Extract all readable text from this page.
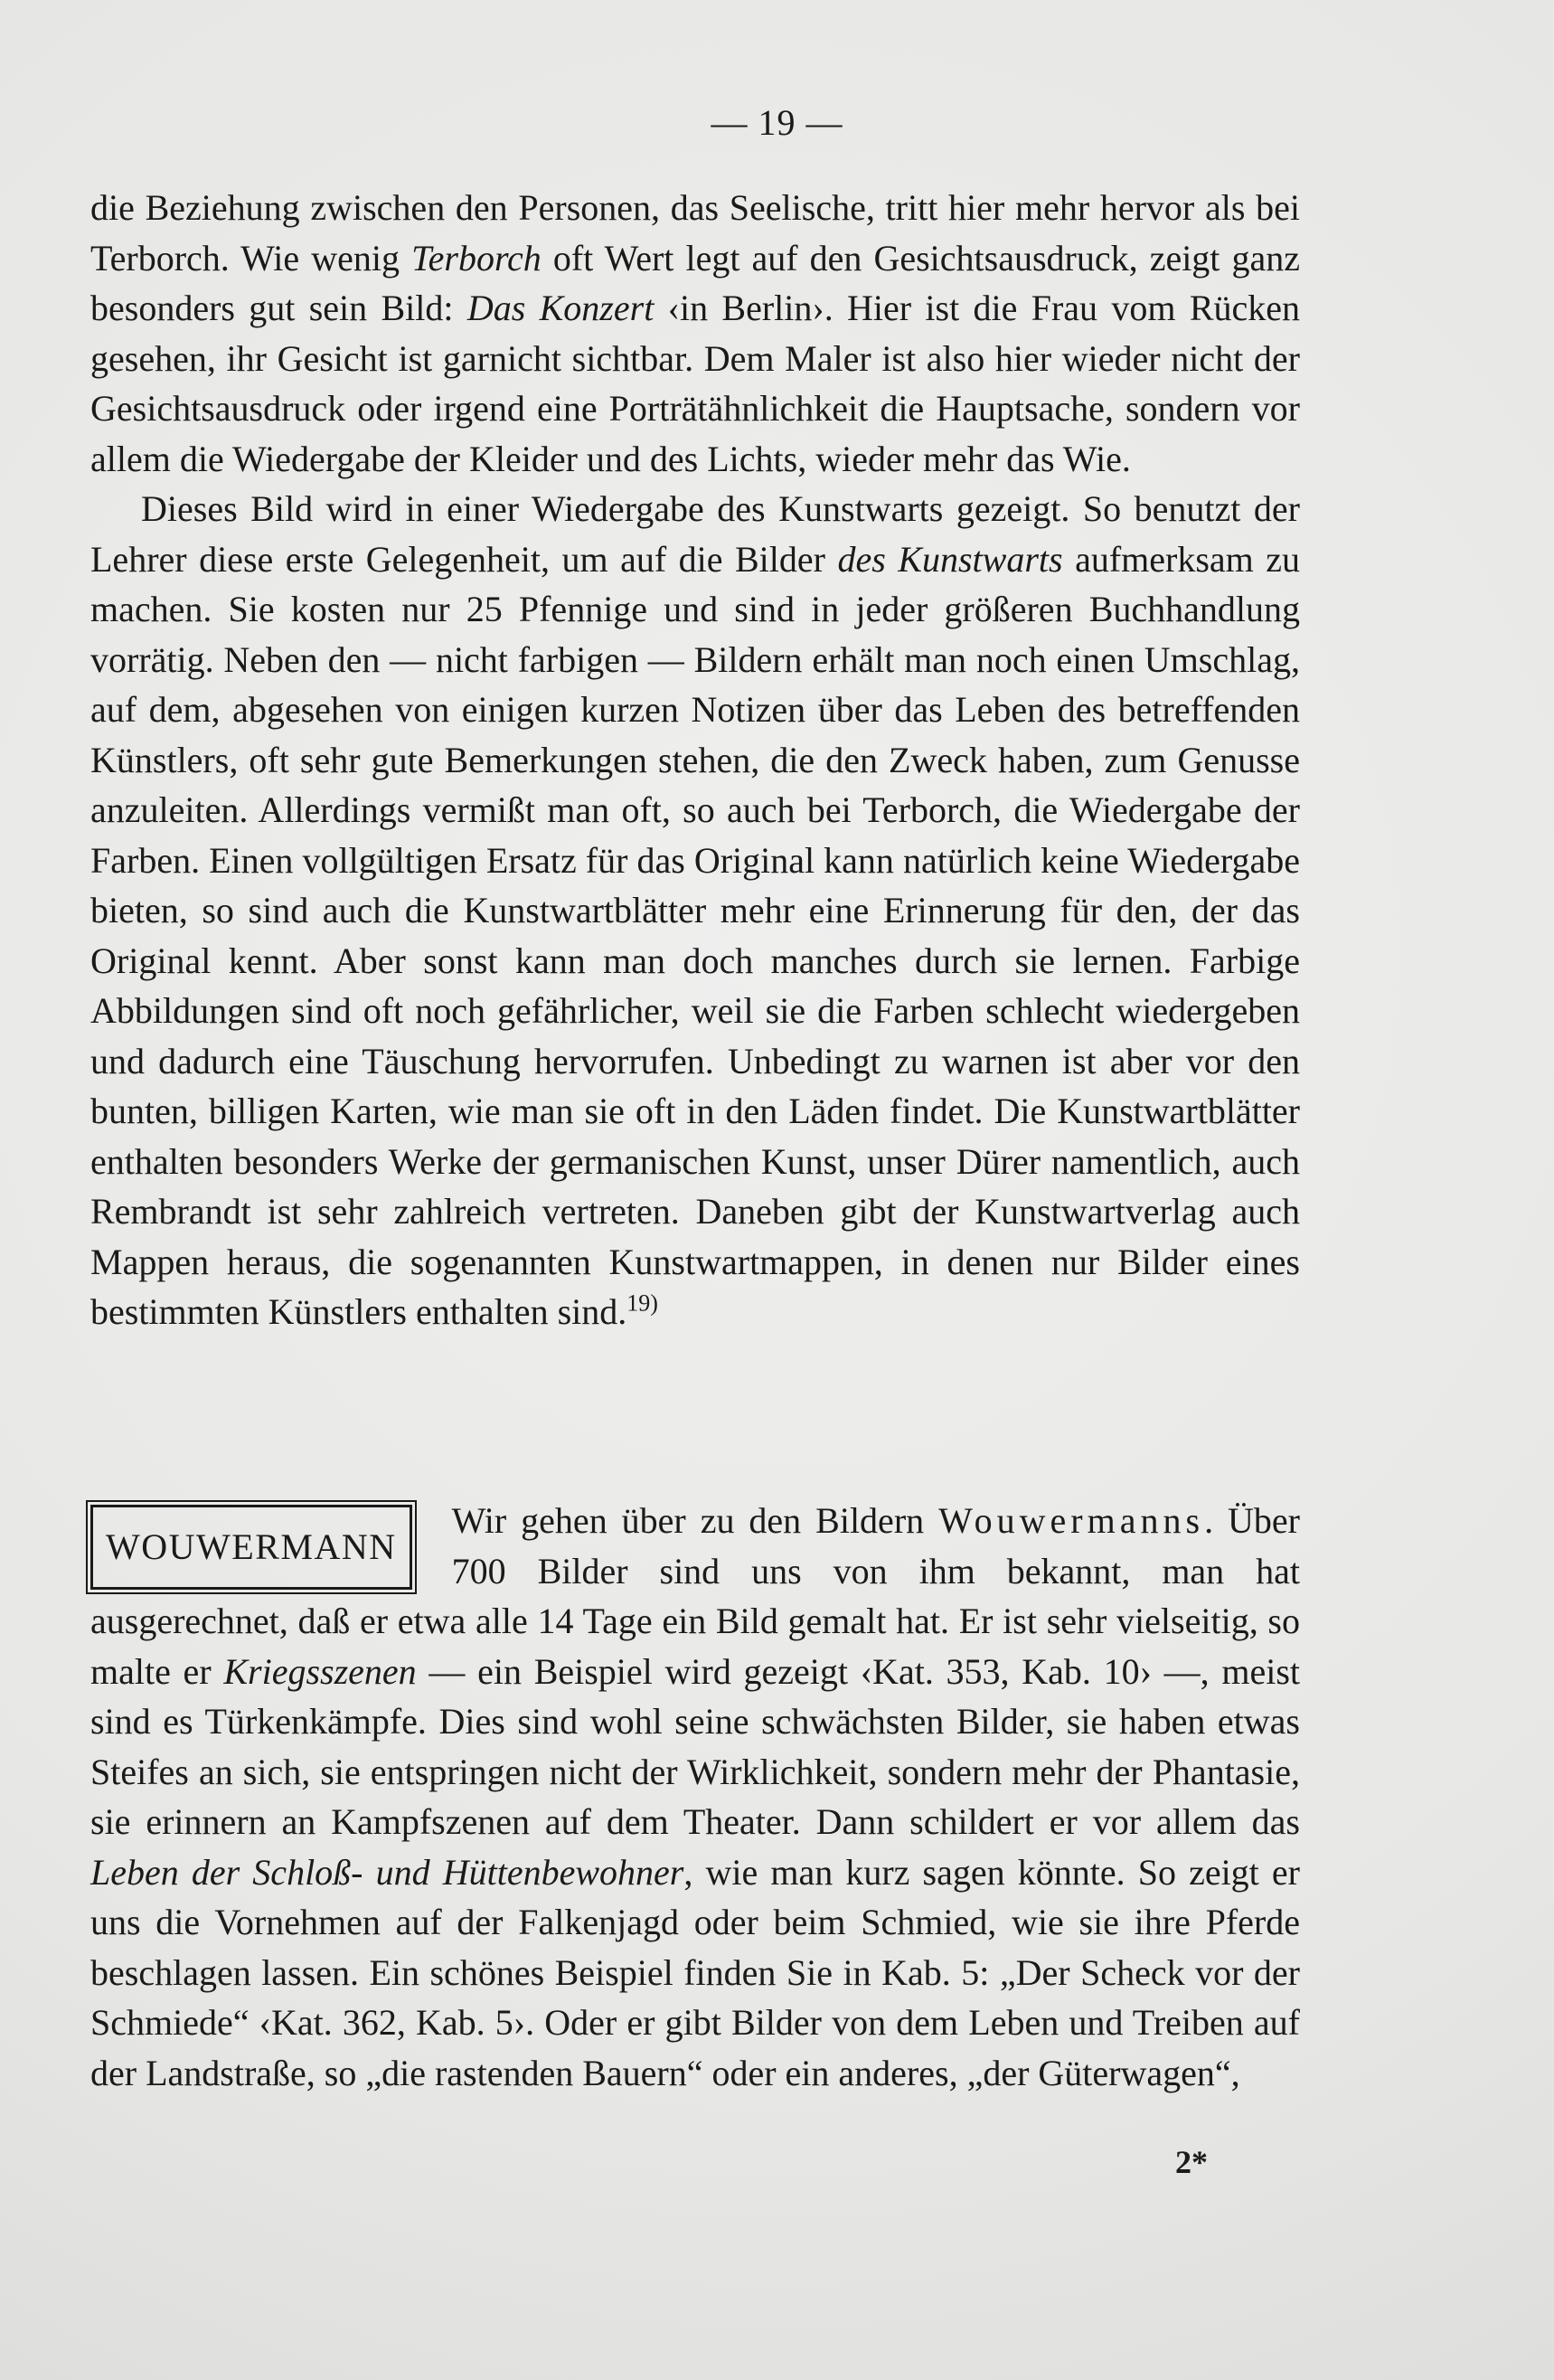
— 19 —

die Beziehung zwischen den Personen, das Seelische, tritt hier mehr hervor als bei Terborch. Wie wenig Terborch oft Wert legt auf den Gesichtsausdruck, zeigt ganz besonders gut sein Bild: Das Konzert ‹in Berlin›. Hier ist die Frau vom Rücken gesehen, ihr Gesicht ist garnicht sichtbar. Dem Maler ist also hier wieder nicht der Gesichtsausdruck oder irgend eine Porträtähnlichkeit die Hauptsache, sondern vor allem die Wiedergabe der Kleider und des Lichts, wieder mehr das Wie.

Dieses Bild wird in einer Wiedergabe des Kunstwarts gezeigt. So benutzt der Lehrer diese erste Gelegenheit, um auf die Bilder des Kunstwarts aufmerksam zu machen. Sie kosten nur 25 Pfennige und sind in jeder größeren Buchhandlung vorrätig. Neben den — nicht farbigen — Bildern erhält man noch einen Umschlag, auf dem, abgesehen von einigen kurzen Notizen über das Leben des betreffenden Künstlers, oft sehr gute Bemerkungen stehen, die den Zweck haben, zum Genusse anzuleiten. Allerdings vermißt man oft, so auch bei Terborch, die Wiedergabe der Farben. Einen vollgültigen Ersatz für das Original kann natürlich keine Wiedergabe bieten, so sind auch die Kunstwartblätter mehr eine Erinnerung für den, der das Original kennt. Aber sonst kann man doch manches durch sie lernen. Farbige Abbildungen sind oft noch gefährlicher, weil sie die Farben schlecht wiedergeben und dadurch eine Täuschung hervorrufen. Unbedingt zu warnen ist aber vor den bunten, billigen Karten, wie man sie oft in den Läden findet. Die Kunstwartblätter enthalten besonders Werke der germanischen Kunst, unser Dürer namentlich, auch Rembrandt ist sehr zahlreich vertreten. Daneben gibt der Kunstwartverlag auch Mappen heraus, die sogenannten Kunstwartmappen, in denen nur Bilder eines bestimmten Künstlers enthalten sind.$^{19)}$

WOUWERMANN
Wir gehen über zu den Bildern Wouwermanns. Über 700 Bilder sind uns von ihm bekannt, man hat ausgerechnet, daß er etwa alle 14 Tage ein Bild gemalt hat. Er ist sehr vielseitig, so malte er Kriegsszenen — ein Beispiel wird gezeigt ‹Kat. 353, Kab. 10› —, meist sind es Türkenkämpfe. Dies sind wohl seine schwächsten Bilder, sie haben etwas Steifes an sich, sie entspringen nicht der Wirklichkeit, sondern mehr der Phantasie, sie erinnern an Kampfszenen auf dem Theater. Dann schildert er vor allem das Leben der Schloß- und Hüttenbewohner, wie man kurz sagen könnte. So zeigt er uns die Vornehmen auf der Falkenjagd oder beim Schmied, wie sie ihre Pferde beschlagen lassen. Ein schönes Beispiel finden Sie in Kab. 5: „Der Scheck vor der Schmiede“ ‹Kat. 362, Kab. 5›. Oder er gibt Bilder von dem Leben und Treiben auf der Landstraße, so „die rastenden Bauern“ oder ein anderes, „der Güterwagen“,

2*
